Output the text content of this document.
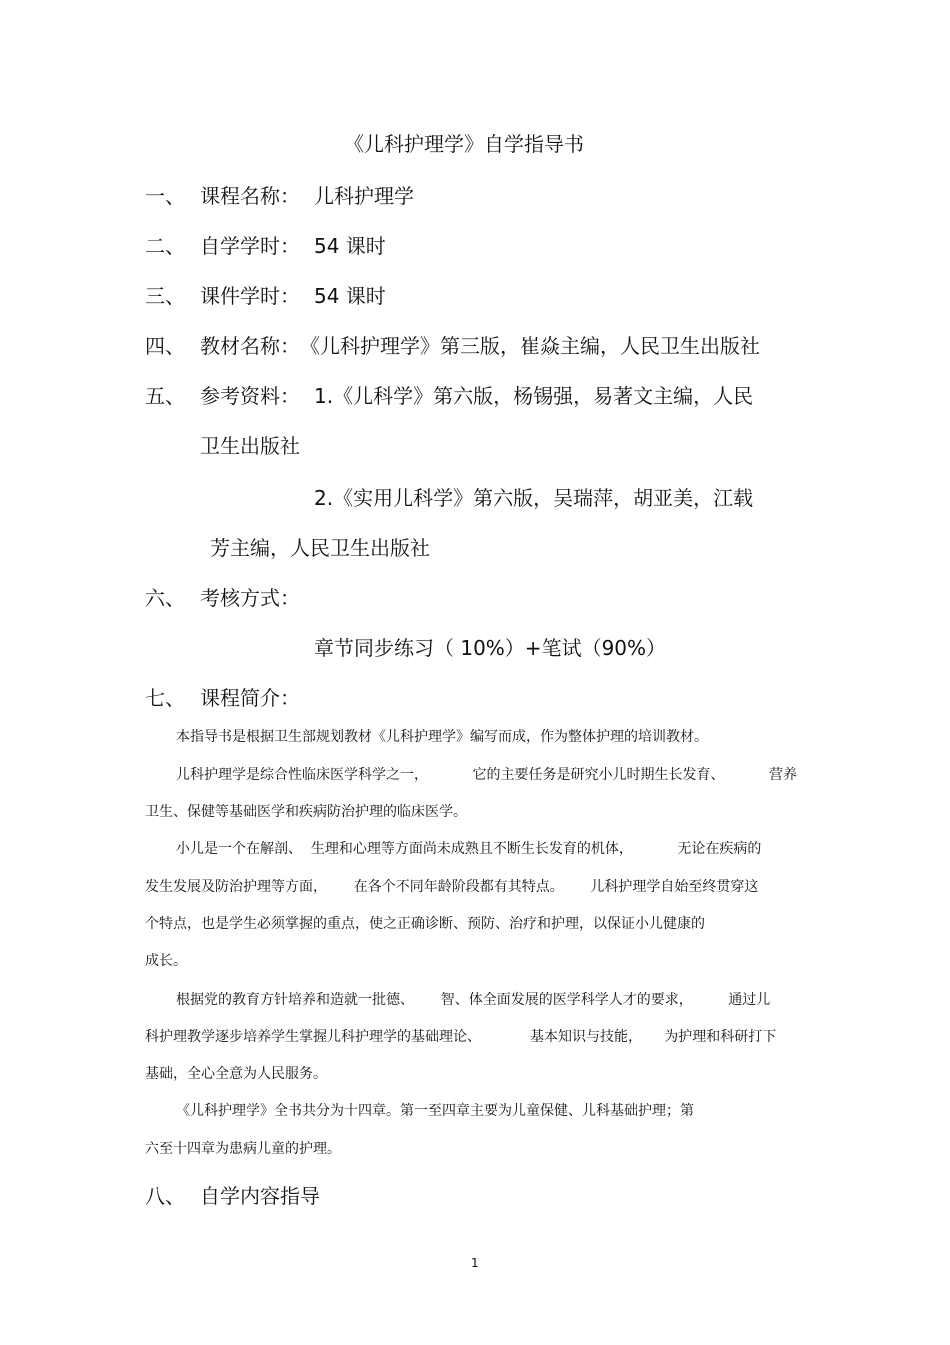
《儿科护理学》自学指导书
一、 课程名称： 儿科护理学
二、 自学学时： 54 课时
三、 课件学时： 54 课时
四、 教材名称： 《儿科护理学》第三版，崔焱主编，人民卫生出版社
五、 参考资料： 1.《儿科学》第六版，杨锡强，易著文主编，人民
卫生出版社
2.《实用儿科学》第六版，吴瑞萍，胡亚美，江载
芳主编，人民卫生出版社
六、 考核方式：
章节同步练习（ 10%）+笔试（90%）
七、 课程简介：
本指导书是根据卫生部规划教材《儿科护理学》编写而成，作为整体护理的培训教材。
儿科护理学是综合性临床医学科学之一，          它的主要任务是研究小儿时期生长发育、          营养
卫生、保健等基础医学和疾病防治护理的临床医学。
小儿是一个在解剖、  生理和心理等方面尚未成熟且不断生长发育的机体，          无论在疾病的
发生发展及防治护理等方面，      在各个不同年龄阶段都有其特点。      儿科护理学自始至终贯穿这
个特点，也是学生必须掌握的重点，使之正确诊断、预防、治疗和护理，以保证小儿健康的
成长。
根据党的教育方针培养和造就一批德、      智、体全面发展的医学科学人才的要求，        通过儿
科护理教学逐步培养学生掌握儿科护理学的基础理论、           基本知识与技能，     为护理和科研打下
基础，全心全意为人民服务。
《儿科护理学》全书共分为十四章。第一至四章主要为儿童保健、儿科基础护理；第
六至十四章为患病儿童的护理。
八、 自学内容指导
1
